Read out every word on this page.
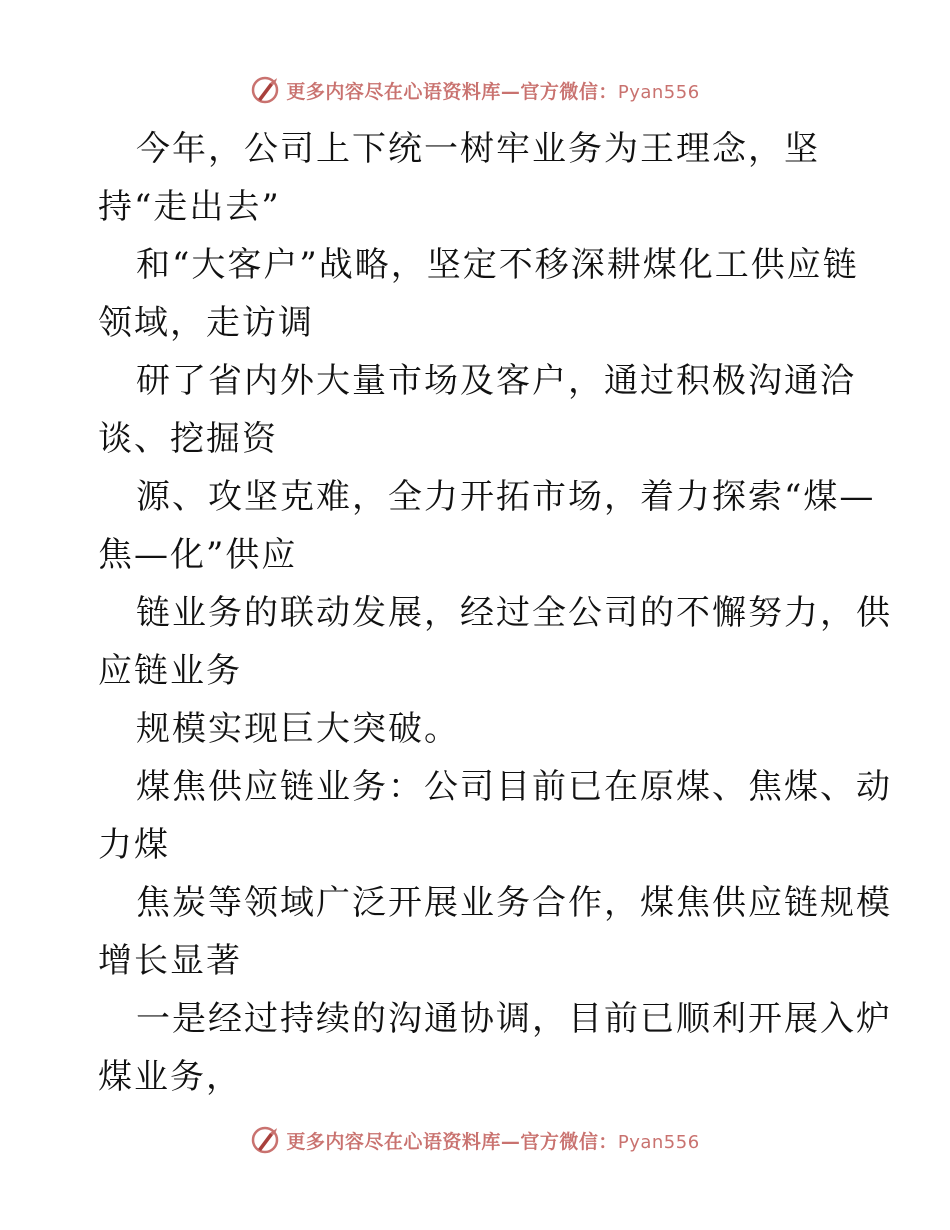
更多内容尽在心语资料库—官方微信：Pyan556
今年，公司上下统一树牢业务为王理念，坚
持“走出去”
和“大客户”战略，坚定不移深耕煤化工供应链
领域，走访调
研了省内外大量市场及客户，通过积极沟通洽
谈、挖掘资
源、攻坚克难，全力开拓市场，着力探索“煤—
焦—化”供应
链业务的联动发展，经过全公司的不懈努力，供
应链业务
规模实现巨大突破。
煤焦供应链业务：公司目前已在原煤、焦煤、动
力煤
焦炭等领域广泛开展业务合作，煤焦供应链规模
增长显著
一是经过持续的沟通协调，目前已顺利开展入炉
煤业务，
更多内容尽在心语资料库—官方微信：Pyan556
